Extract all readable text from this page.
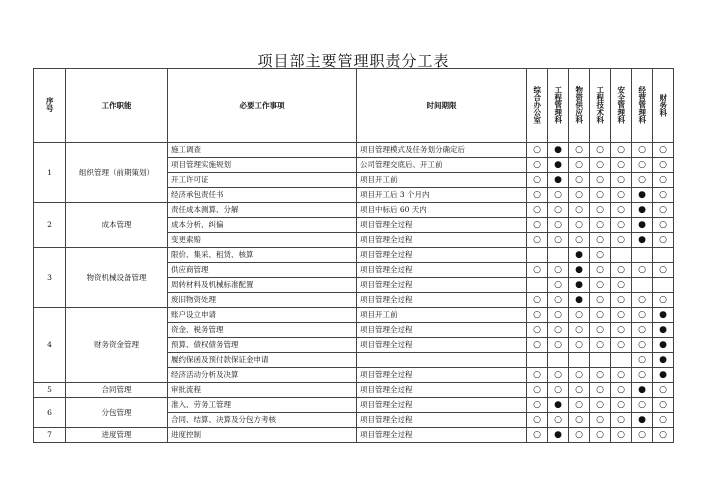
项目部主要管理职责分工表
序号	工作职能	必要工作事项	时间期限	综合办公室	工程管理科	物资供应科	工程技术科	安全管理科	经营管理科	财务科
1	组织管理（前期策划）	施工调查	项目管理模式及任务划分确定后	○	●	○	○	○	○	○
		项目管理实施规划	公司管理交底后、开工前	○	●	○	○	○	○	○
		开工许可证	项目开工前	○	●	○	○	○	○	○
		经济承包责任书	项目开工后 3 个月内	○	○	○	○	○	●	○
2	成本管理	责任成本测算、分解	项目中标后 60 天内	○	○	○	○	○	●	○
		成本分析、纠偏	项目管理全过程	○	○	○	○	○	●	○
		变更索赔	项目管理全过程	○	○	○	○	○	●	○
3	物资机械设备管理	限价、集采、租赁、核算	项目管理全过程			●	○			
		供应商管理	项目管理全过程	○	○	●	○	○	○	○
		周转材料及机械标准配置	项目管理全过程		○	●	○	○		
		废旧物资处理	项目管理全过程	○	○	●	○	○	○	○
4	财务资金管理	账户设立申请	项目开工前	○	○	○	○	○	○	●
		资金、税务管理	项目管理全过程	○	○	○	○	○	○	●
		预算、债权债务管理	项目管理全过程	○	○	○	○	○	○	●
		履约保函及预付款保证金申请							○	●
		经济活动分析及决算	项目管理全过程	○	○	○	○	○	○	●
5	合同管理	审批流程	项目管理全过程	○	○	○	○	○	●	○
6	分包管理	准入、劳务工管理	项目管理全过程	○	●	○	○	○	○	○
		合同、结算、决算及分包方考核	项目管理全过程	○	○	○	○	○	●	○
7	进度管理	进度控制	项目管理全过程	○	●	○	○	○	○	○
